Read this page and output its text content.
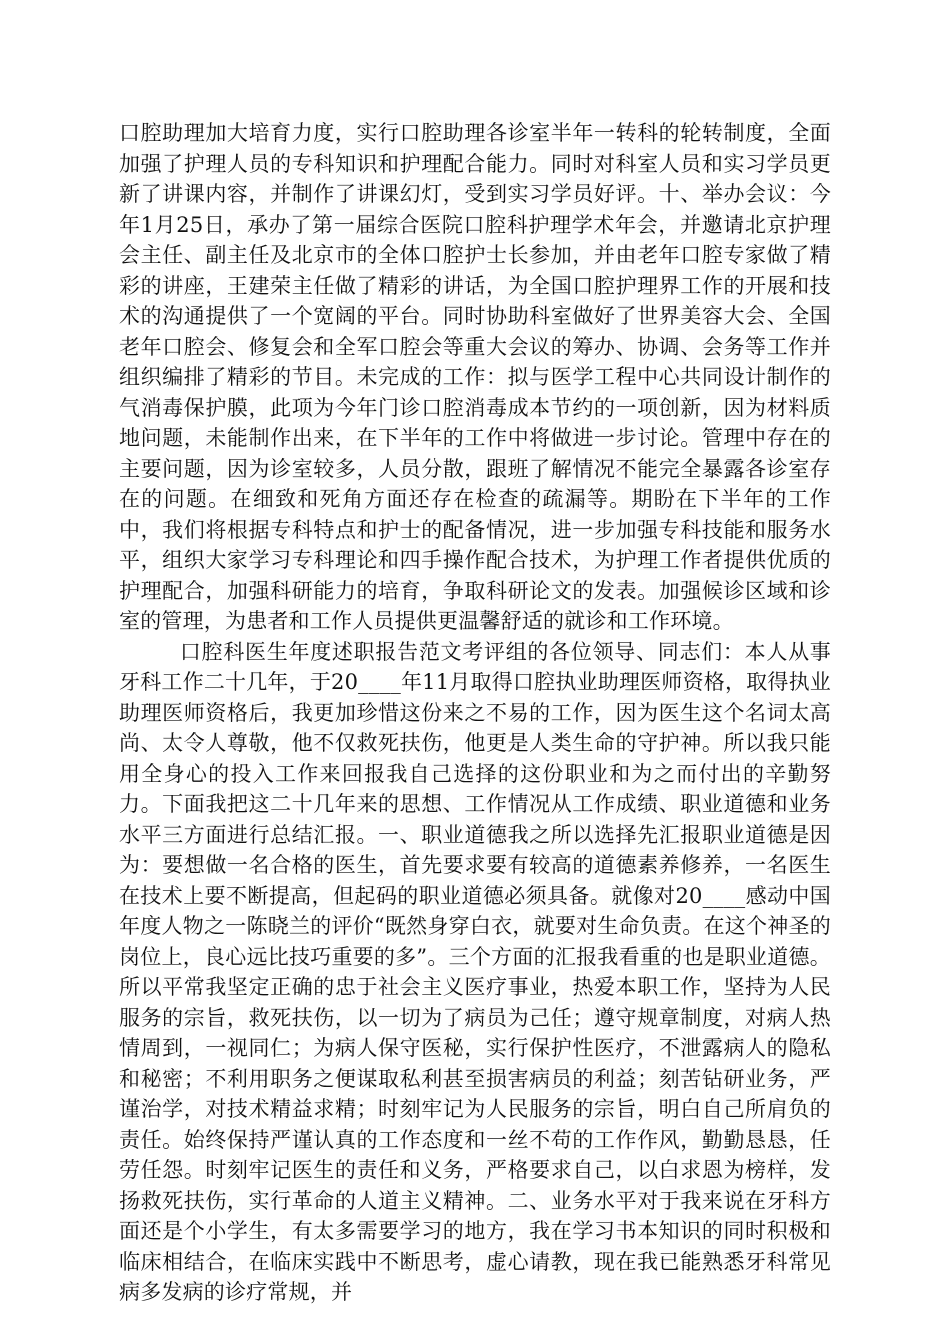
口腔助理加大培育力度，实行口腔助理各诊室半年一转科的轮转制度，全面加强了护理人员的专科知识和护理配合能力。同时对科室人员和实习学员更新了讲课内容，并制作了讲课幻灯，受到实习学员好评。十、举办会议：今年1月25日，承办了第一届综合医院口腔科护理学术年会，并邀请北京护理会主任、副主任及北京市的全体口腔护士长参加，并由老年口腔专家做了精彩的讲座，王建荣主任做了精彩的讲话，为全国口腔护理界工作的开展和技术的沟通提供了一个宽阔的平台。同时协助科室做好了世界美容大会、全国老年口腔会、修复会和全军口腔会等重大会议的筹办、协调、会务等工作并组织编排了精彩的节目。未完成的工作：拟与医学工程中心共同设计制作的气消毒保护膜，此项为今年门诊口腔消毒成本节约的一项创新，因为材料质地问题，未能制作出来，在下半年的工作中将做进一步讨论。管理中存在的主要问题，因为诊室较多，人员分散，跟班了解情况不能完全暴露各诊室存在的问题。在细致和死角方面还存在检查的疏漏等。期盼在下半年的工作中，我们将根据专科特点和护士的配备情况，进一步加强专科技能和服务水平，组织大家学习专科理论和四手操作配合技术，为护理工作者提供优质的护理配合，加强科研能力的培育，争取科研论文的发表。加强候诊区域和诊室的管理，为患者和工作人员提供更温馨舒适的就诊和工作环境。

口腔科医生年度述职报告范文考评组的各位领导、同志们：本人从事牙科工作二十几年，于20____年11月取得口腔执业助理医师资格，取得执业助理医师资格后，我更加珍惜这份来之不易的工作，因为医生这个名词太高尚、太令人尊敬，他不仅救死扶伤，他更是人类生命的守护神。所以我只能用全身心的投入工作来回报我自己选择的这份职业和为之而付出的辛勤努力。下面我把这二十几年来的思想、工作情况从工作成绩、职业道德和业务水平三方面进行总结汇报。一、职业道德我之所以选择先汇报职业道德是因为：要想做一名合格的医生，首先要求要有较高的道德素养修养，一名医生在技术上要不断提高，但起码的职业道德必须具备。就像对20____感动中国年度人物之一陈晓兰的评价“既然身穿白衣，就要对生命负责。在这个神圣的岗位上，良心远比技巧重要的多”。三个方面的汇报我看重的也是职业道德。所以平常我坚定正确的忠于社会主义医疗事业，热爱本职工作，坚持为人民服务的宗旨，救死扶伤，以一切为了病员为己任；遵守规章制度，对病人热情周到，一视同仁；为病人保守医秘，实行保护性医疗，不泄露病人的隐私和秘密；不利用职务之便谋取私利甚至损害病员的利益；刻苦钻研业务，严谨治学，对技术精益求精；时刻牢记为人民服务的宗旨，明白自己所肩负的责任。始终保持严谨认真的工作态度和一丝不苟的工作作风，勤勤恳恳，任劳任怨。时刻牢记医生的责任和义务，严格要求自己，以白求恩为榜样，发扬救死扶伤，实行革命的人道主义精神。二、业务水平对于我来说在牙科方面还是个小学生，有太多需要学习的地方，我在学习书本知识的同时积极和临床相结合，在临床实践中不断思考，虚心请教，现在我已能熟悉牙科常见病多发病的诊疗常规，并
